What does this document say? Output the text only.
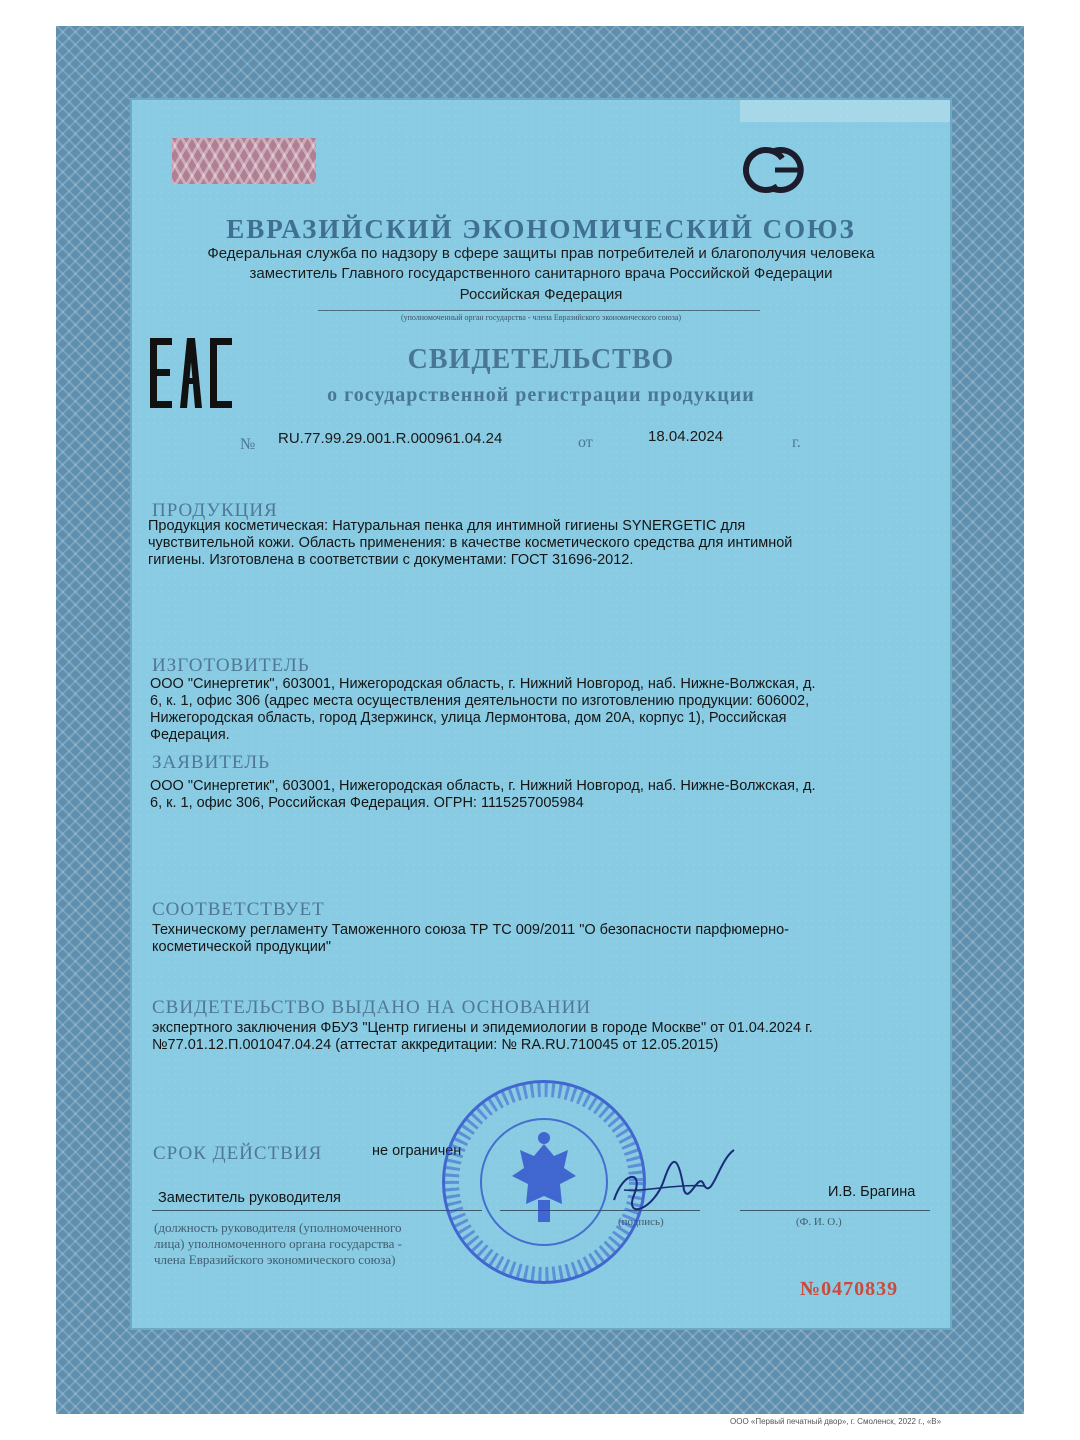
ЕВРАЗИЙСКИЙ ЭКОНОМИЧЕСКИЙ СОЮЗ
Федеральная служба по надзору в сфере защиты прав потребителей и благополучия человека
заместитель Главного государственного санитарного врача Российской Федерации
Российская Федерация
(уполномоченный орган государства - члена Евразийского экономического союза)
СВИДЕТЕЛЬСТВО
о государственной регистрации продукции
№ RU.77.99.29.001.R.000961.04.24	от	18.04.2024	г.
ПРОДУКЦИЯ
Продукция косметическая: Натуральная пенка для интимной гигиены SYNERGETIC для
чувствительной кожи. Область применения: в качестве косметического средства для интимной
гигиены. Изготовлена в соответствии с документами: ГОСТ 31696-2012.
ИЗГОТОВИТЕЛЬ
ООО "Синергетик", 603001, Нижегородская область, г. Нижний Новгород, наб. Нижне-Волжская, д.
6, к. 1, офис 306 (адрес места осуществления деятельности по изготовлению продукции: 606002,
Нижегородская область, город Дзержинск, улица Лермонтова, дом 20А, корпус 1), Российская
Федерация.
ЗАЯВИТЕЛЬ
ООО "Синергетик", 603001, Нижегородская область, г. Нижний Новгород, наб. Нижне-Волжская, д.
6, к. 1, офис 306, Российская Федерация. ОГРН: 1115257005984
СООТВЕТСТВУЕТ
Техническому регламенту Таможенного союза ТР ТС 009/2011 "О безопасности парфюмерно-
косметической продукции"
СВИДЕТЕЛЬСТВО ВЫДАНО НА ОСНОВАНИИ
экспертного заключения ФБУЗ "Центр гигиены и эпидемиологии в городе Москве" от 01.04.2024 г.
№77.01.12.П.001047.04.24 (аттестат аккредитации: № RA.RU.710045 от 12.05.2015)
СРОК ДЕЙСТВИЯ	не ограничен
Заместитель руководителя	И.В. Брагина
(должность руководителя (уполномоченного
лица) уполномоченного органа государства -
члена Евразийского экономического союза)
(подпись)	(Ф. И. О.)
№0470839
ООО «Первый печатный двор», г. Смоленск, 2022 г., «В»
